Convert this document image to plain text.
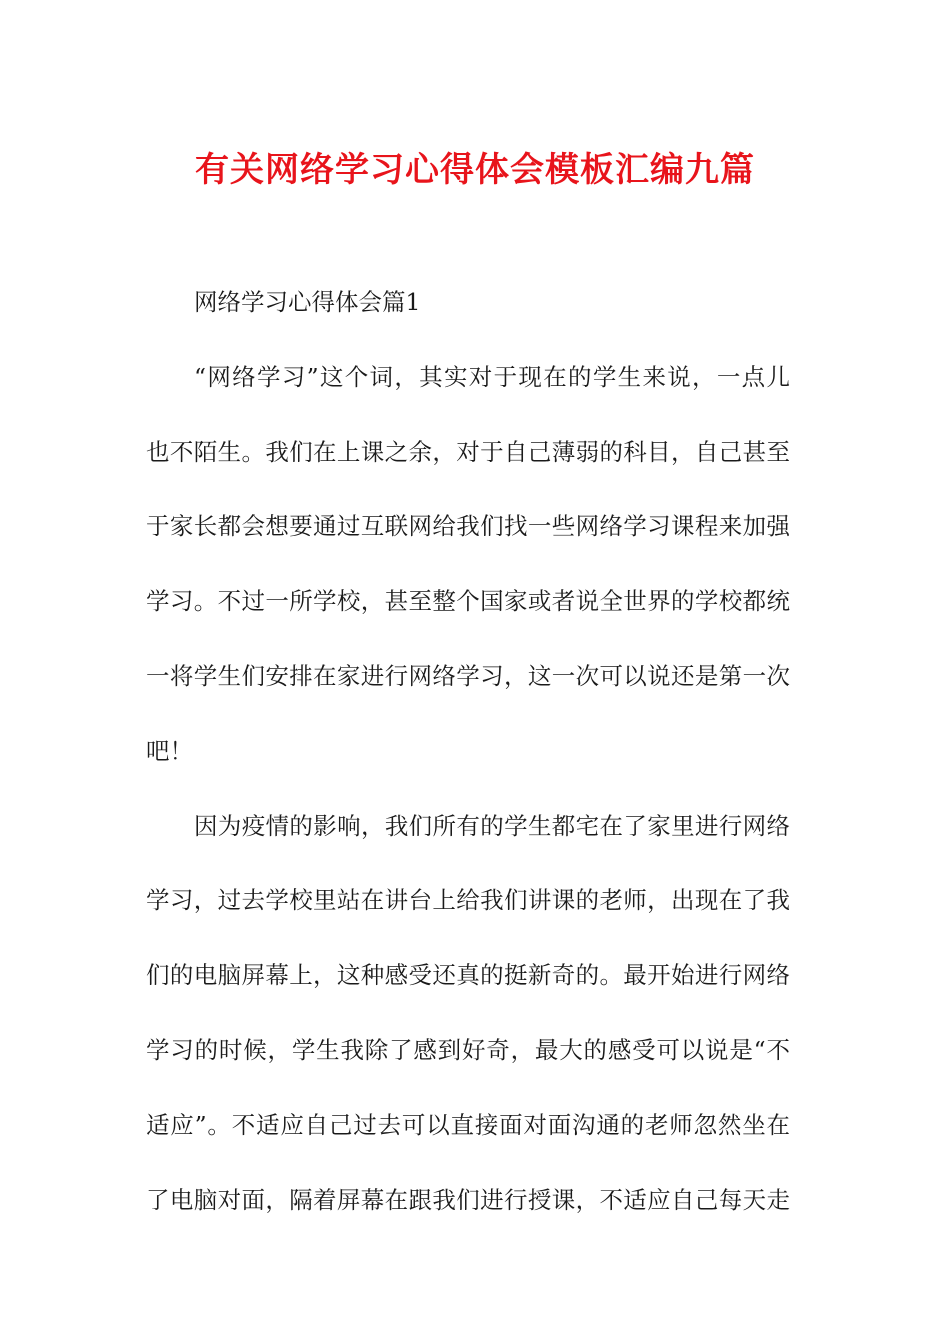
有关网络学习心得体会模板汇编九篇
网络学习心得体会篇1
“网络学习”这个词，其实对于现在的学生来说，一点儿
也不陌生。我们在上课之余，对于自己薄弱的科目，自己甚至
于家长都会想要通过互联网给我们找一些网络学习课程来加强
学习。不过一所学校，甚至整个国家或者说全世界的学校都统
一将学生们安排在家进行网络学习，这一次可以说还是第一次
吧！
因为疫情的影响，我们所有的学生都宅在了家里进行网络
学习，过去学校里站在讲台上给我们讲课的老师，出现在了我
们的电脑屏幕上，这种感受还真的挺新奇的。最开始进行网络
学习的时候，学生我除了感到好奇，最大的感受可以说是“不
适应”。不适应自己过去可以直接面对面沟通的老师忽然坐在
了电脑对面，隔着屏幕在跟我们进行授课，不适应自己每天走
